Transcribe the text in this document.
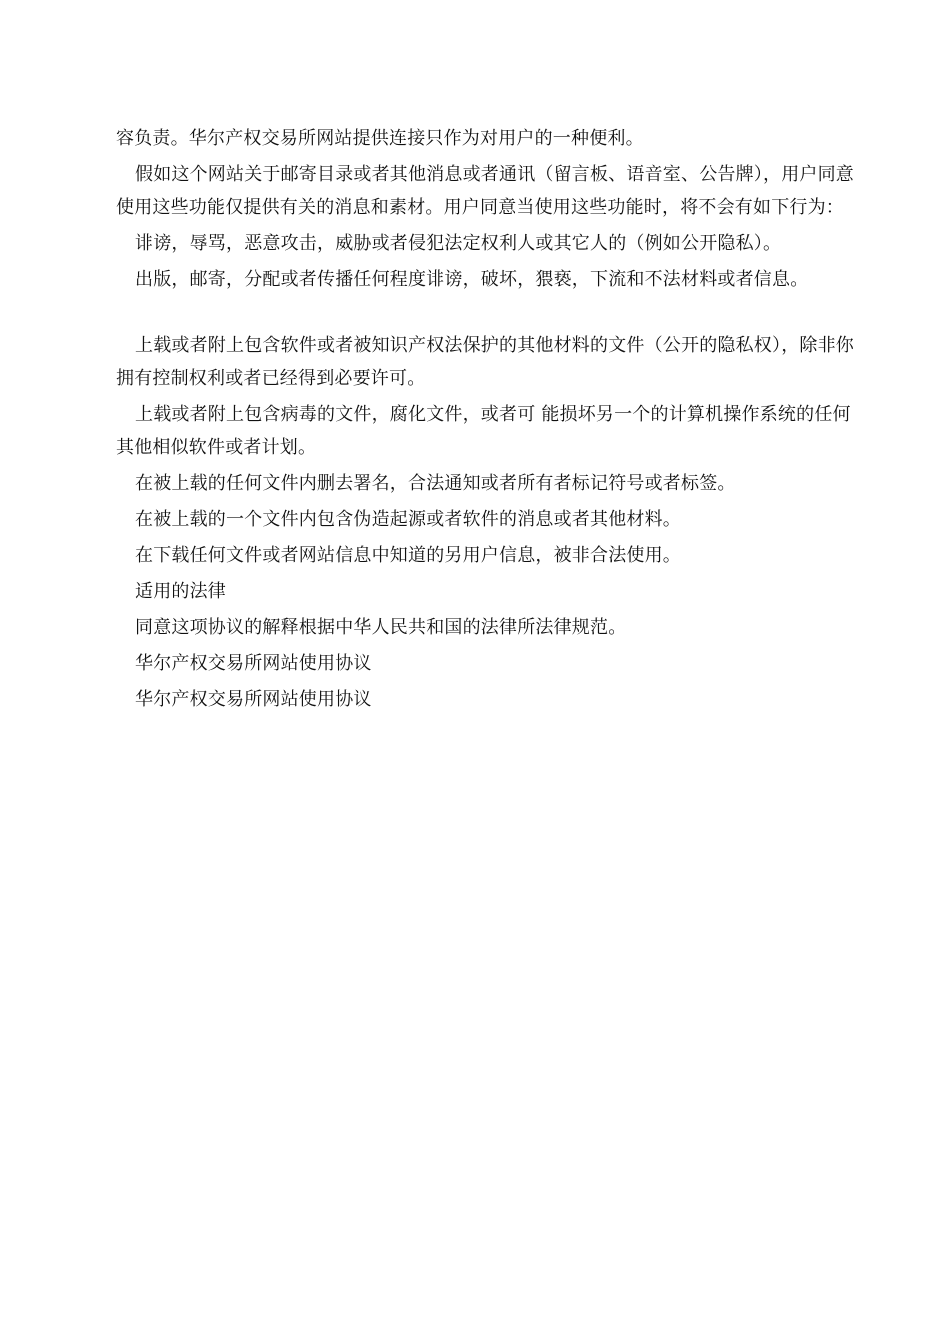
容负责。华尔产权交易所网站提供连接只作为对用户的一种便利。

假如这个网站关于邮寄目录或者其他消息或者通讯（留言板、语音室、公告牌），用户同意使用这些功能仅提供有关的消息和素材。用户同意当使用这些功能时，将不会有如下行为：

诽谤，辱骂，恶意攻击，威胁或者侵犯法定权利人或其它人的（例如公开隐私）。

出版，邮寄，分配或者传播任何程度诽谤，破坏，猥亵，下流和不法材料或者信息。

上载或者附上包含软件或者被知识产权法保护的其他材料的文件（公开的隐私权），除非你拥有控制权利或者已经得到必要许可。

上载或者附上包含病毒的文件，腐化文件，或者可 能损坏另一个的计算机操作系统的任何其他相似软件或者计划。

在被上载的任何文件内删去署名，合法通知或者所有者标记符号或者标签。

在被上载的一个文件内包含伪造起源或者软件的消息或者其他材料。

在下载任何文件或者网站信息中知道的另用户信息，被非合法使用。

适用的法律

同意这项协议的解释根据中华人民共和国的法律所法律规范。

华尔产权交易所网站使用协议

华尔产权交易所网站使用协议
